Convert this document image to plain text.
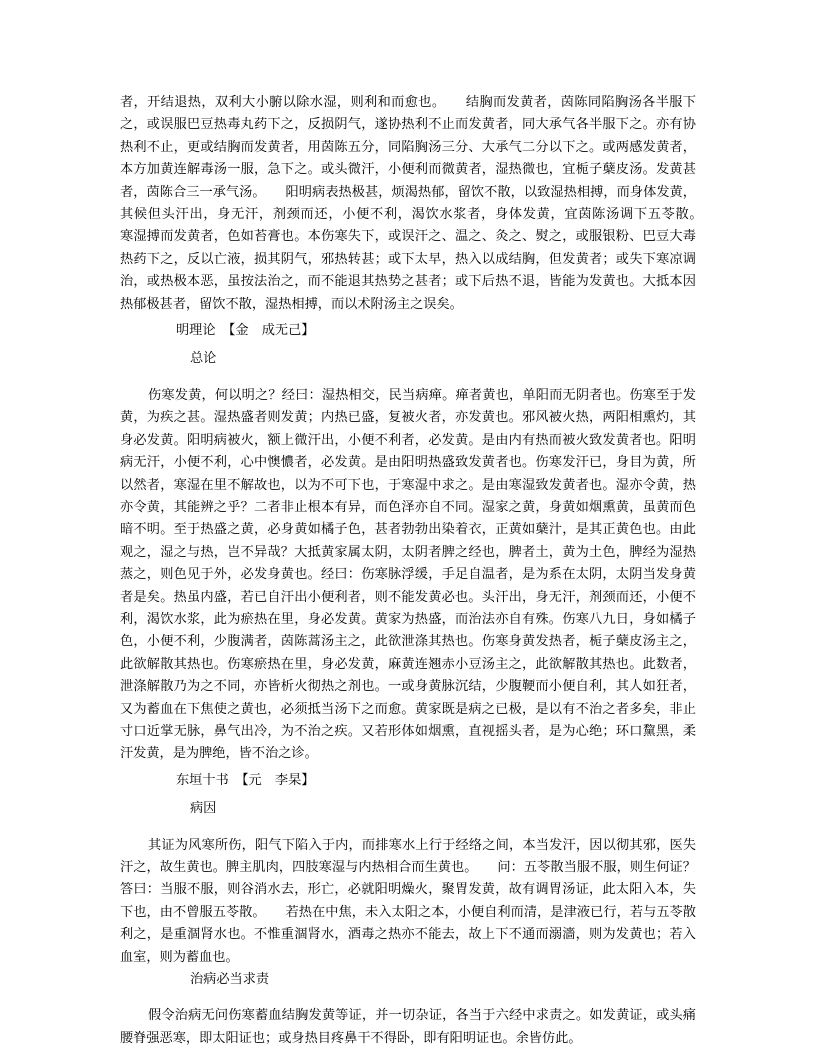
者，开结退热，双利大小腑以除水湿，则利和而愈也。　　结胸而发黄者，茵陈同陷胸汤各半服下之，或误服巴豆热毒丸药下之，反损阴气，遂协热利不止而发黄者，同大承气各半服下之。亦有协热利不止，更或结胸而发黄者，用茵陈五分，同陷胸汤三分、大承气二分以下之。或两感发黄者，本方加黄连解毒汤一服，急下之。或头微汗，小便利而微黄者，湿热微也，宜栀子蘖皮汤。发黄甚者，茵陈合三一承气汤。　　阳明病表热极甚，烦渴热郁，留饮不散，以致湿热相搏，而身体发黄，其候但头汗出，身无汗，剂颈而还，小便不利，渴饮水浆者，身体发黄，宜茵陈汤调下五苓散。　　寒湿搏而发黄者，色如苔膏也。本伤寒失下，或误汗之、温之、灸之、熨之，或服银粉、巴豆大毒热药下之，反以亡液，损其阴气，邪热转甚；或下太早，热入以成结胸，但发黄者；或失下寒凉调治，或热极本恶，虽按法治之，而不能退其热势之甚者；或下后热不退，皆能为发黄也。大抵本因热郁极甚者，留饮不散，湿热相搏，而以术附汤主之误矣。

明理论　【金　成无己】

总论

伤寒发黄，何以明之？经曰：湿热相交，民当病瘅。瘅者黄也，单阳而无阴者也。伤寒至于发黄，为疾之甚。湿热盛者则发黄；内热已盛，复被火者，亦发黄也。邪风被火热，两阳相熏灼，其身必发黄。阳明病被火，额上微汗出，小便不利者，必发黄。是由内有热而被火致发黄者也。阳明病无汗，小便不利，心中懊憹者，必发黄。是由阳明热盛致发黄者也。伤寒发汗已，身目为黄，所以然者，寒湿在里不解故也，以为不可下也，于寒湿中求之。是由寒湿致发黄者也。湿亦令黄，热亦令黄，其能辨之乎？二者非止根本有异，而色泽亦自不同。湿家之黄，身黄如烟熏黄，虽黄而色暗不明。至于热盛之黄，必身黄如橘子色，甚者勃勃出染着衣，正黄如蘖汁，是其正黄色也。由此观之，湿之与热，岂不异哉？大抵黄家属太阴，太阴者脾之经也，脾者土，黄为土色，脾经为湿热蒸之，则色见于外，必发身黄也。经曰：伤寒脉浮缓，手足自温者，是为系在太阴，太阴当发身黄者是矣。热虽内盛，若已自汗出小便利者，则不能发黄必也。头汗出，身无汗，剂颈而还，小便不利，渴饮水浆，此为瘀热在里，身必发黄。黄家为热盛，而治法亦自有殊。伤寒八九日，身如橘子色，小便不利，少腹满者，茵陈蒿汤主之，此欲泄涤其热也。伤寒身黄发热者，栀子蘖皮汤主之，此欲解散其热也。伤寒瘀热在里，身必发黄，麻黄连翘赤小豆汤主之，此欲解散其热也。此数者，泄涤解散乃为之不同，亦皆析火彻热之剂也。一或身黄脉沉结，少腹鞕而小便自利，其人如狂者，又为蓄血在下焦使之黄也，必须抵当汤下之而愈。黄家既是病之已极，是以有不治之者多矣，非止寸口近掌无脉，鼻气出冷，为不治之疾。又若形体如烟熏，直视摇头者，是为心绝；环口黧黑，柔汗发黄，是为脾绝，皆不治之诊。

东垣十书　【元　李杲】

病因

其证为风寒所伤，阳气下陷入于内，而排寒水上行于经络之间，本当发汗，因以彻其邪，医失汗之，故生黄也。脾主肌肉，四肢寒湿与内热相合而生黄也。　　问：五苓散当服不服，则生何证？答曰：当服不服，则谷消水去，形亡，必就阳明燥火，聚胃发黄，故有调胃汤证，此太阳入本，失下也，由不曾服五苓散。　　若热在中焦，未入太阳之本，小便自利而清，是津液已行，若与五苓散利之，是重涸肾水也。不惟重涸肾水，酒毒之热亦不能去，故上下不通而溺濇，则为发黄也；若入血室，则为蓄血也。

治病必当求责

假令治病无问伤寒蓄血结胸发黄等证，并一切杂证，各当于六经中求责之。如发黄证，或头痛腰脊强恶寒，即太阳证也；或身热目疼鼻干不得卧，即有阳明证也。余皆仿此。
